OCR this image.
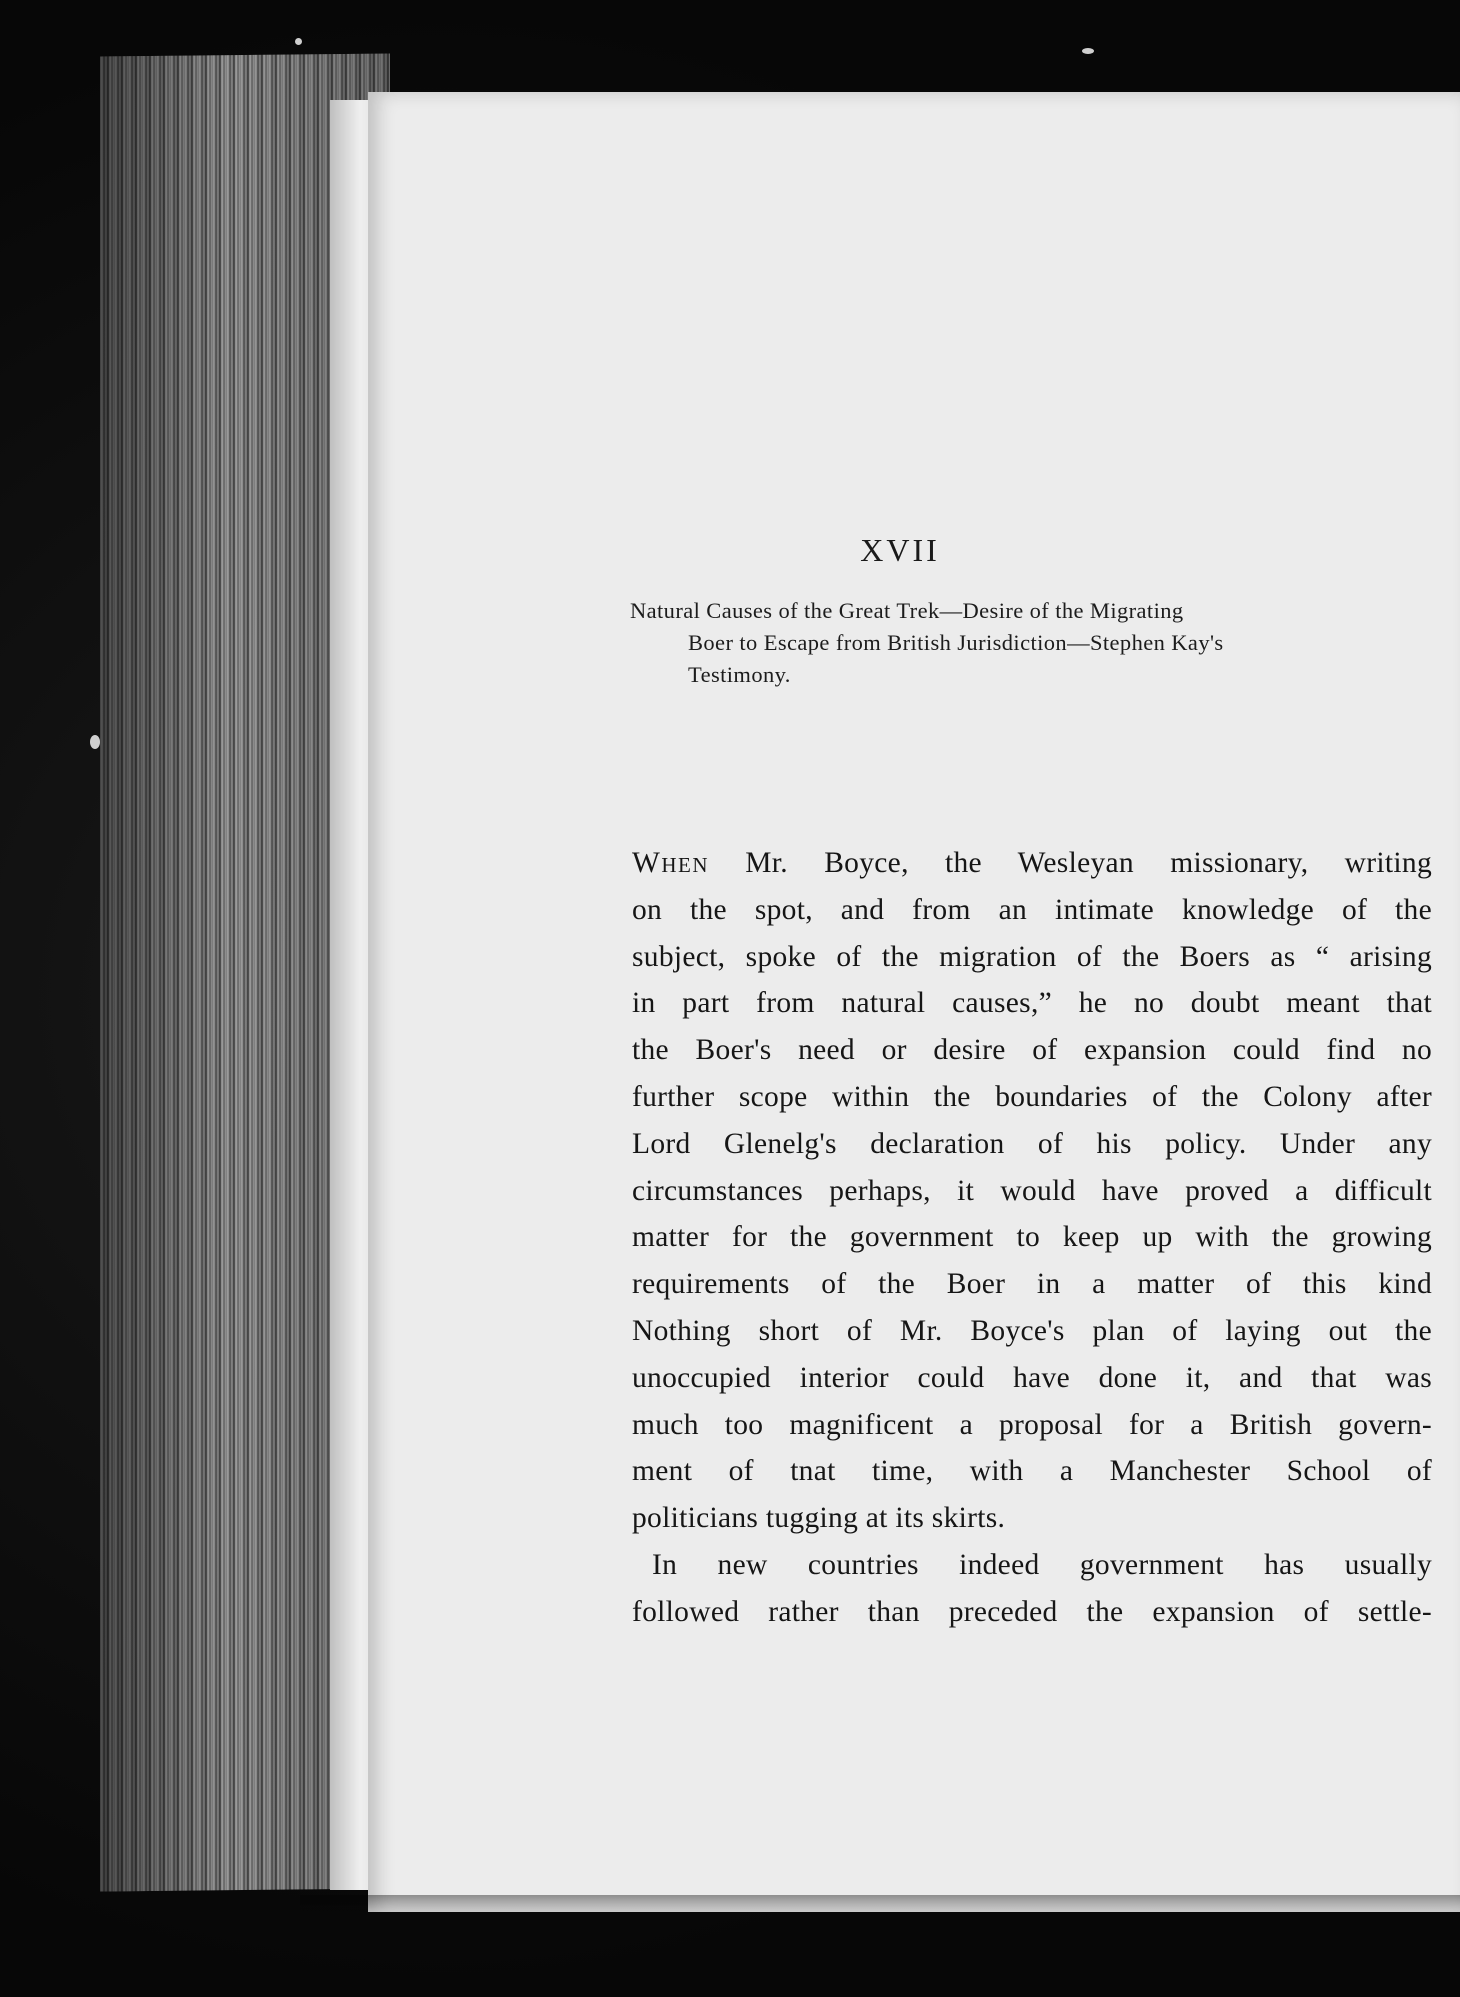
XVII
Natural Causes of the Great Trek—Desire of the Migrating
Boer to Escape from British Jurisdiction—Stephen Kay's
Testimony.
When Mr. Boyce, the Wesleyan missionary, writing
on the spot, and from an intimate knowledge of the
subject, spoke of the migration of the Boers as “ arising
in part from natural causes,” he no doubt meant that
the Boer's need or desire of expansion could find no
further scope within the boundaries of the Colony after
Lord Glenelg's declaration of his policy. Under any
circumstances perhaps, it would have proved a difficult
matter for the government to keep up with the growing
requirements of the Boer in a matter of this kind
Nothing short of Mr. Boyce's plan of laying out the
unoccupied interior could have done it, and that was
much too magnificent a proposal for a British govern-
ment of tnat time, with a Manchester School of
politicians tugging at its skirts.
In new countries indeed government has usually
followed rather than preceded the expansion of settle-
